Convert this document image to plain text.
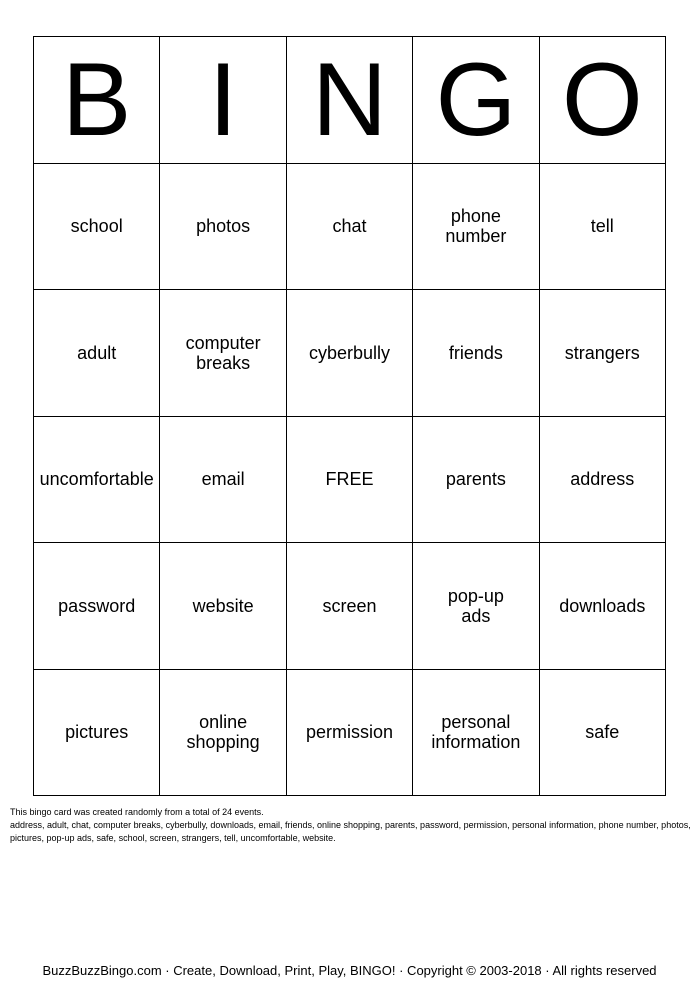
B I N G O
school	photos	chat	phone number	tell
adult	computer breaks	cyberbully	friends	strangers
uncomfortable	email	FREE	parents	address
password	website	screen	pop-up ads	downloads
pictures	online shopping	permission	personal information	safe

This bingo card was created randomly from a total of 24 events.

address, adult, chat, computer breaks, cyberbully, downloads, email, friends, online shopping, parents, password, permission, personal information, phone number, photos, pictures, pop-up ads, safe, school, screen, strangers, tell, uncomfortable, website.

BuzzBuzzBingo.com · Create, Download, Print, Play, BINGO! · Copyright © 2003-2018 · All rights reserved
